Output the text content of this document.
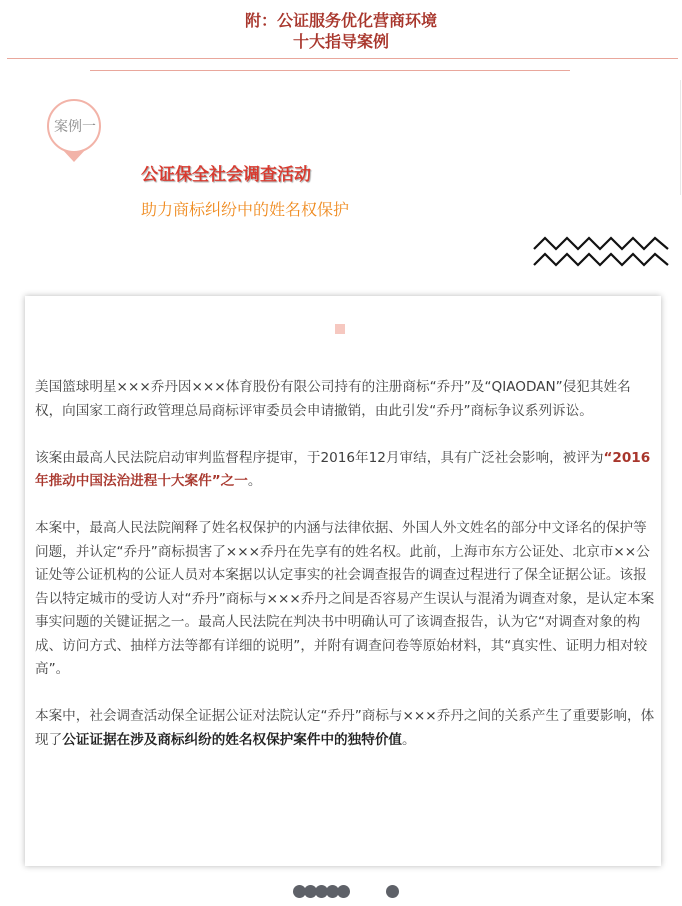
附：公证服务优化营商环境
十大指导案例
案例一
公证保全社会调查活动
助力商标纠纷中的姓名权保护

美国篮球明星×××乔丹因×××体育股份有限公司持有的注册商标“乔丹”及“QIAODAN”侵犯其姓名权，向国家工商行政管理总局商标评审委员会申请撤销，由此引发“乔丹”商标争议系列诉讼。

该案由最高人民法院启动审判监督程序提审，于2016年12月审结，具有广泛社会影响，被评为“2016年推动中国法治进程十大案件”之一。

本案中，最高人民法院阐释了姓名权保护的内涵与法律依据、外国人外文姓名的部分中文译名的保护等问题，并认定“乔丹”商标损害了×××乔丹在先享有的姓名权。此前，上海市东方公证处、北京市××公证处等公证机构的公证人员对本案据以认定事实的社会调查报告的调查过程进行了保全证据公证。该报告以特定城市的受访人对“乔丹”商标与×××乔丹之间是否容易产生误认与混淆为调查对象，是认定本案事实问题的关键证据之一。最高人民法院在判决书中明确认可了该调查报告，认为它“对调查对象的构成、访问方式、抽样方法等都有详细的说明”，并附有调查问卷等原始材料，其“真实性、证明力相对较高”。

本案中，社会调查活动保全证据公证对法院认定“乔丹”商标与×××乔丹之间的关系产生了重要影响，体现了公证证据在涉及商标纠纷的姓名权保护案件中的独特价值。
